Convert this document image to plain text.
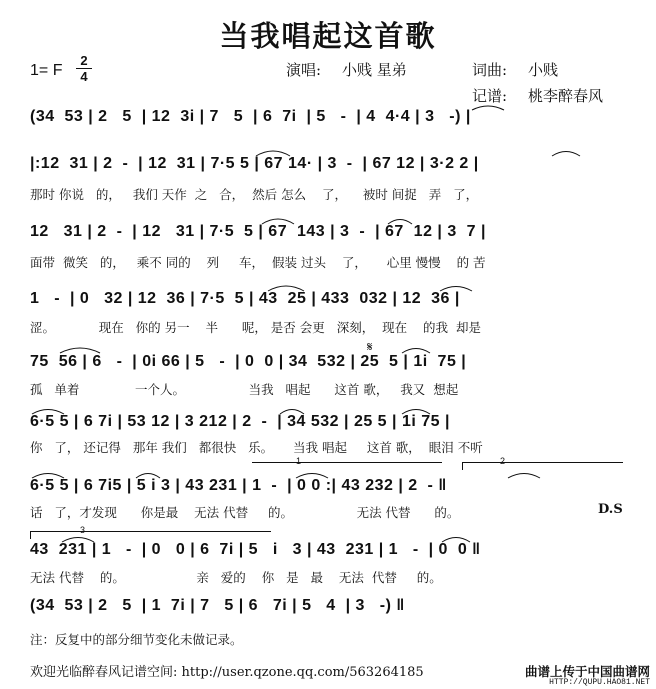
当我唱起这首歌
1= F
2
4	演唱: 小贱 星弟	词曲: 小贱
记谱: 桃李醉春风
(34  53 | 2   5  | 12  3i | 7   5  | 6  7i  | 5   -  | 4  4·4 | 3   -) |
|:12  31 | 2  -  | 12  31 | 7·5 5 | 67 14· | 3  -  | 67 12 | 3·2 2 |
那时 你说   的，   我们 天作  之   合，  然后 怎么    了，    被时 间捉   弄   了，
12   31 | 2  -  | 12   31 | 7·5  5 | 67  143 | 3  -  | 67  12 | 3  7 |
面带  微笑   的，   乘不 同的    列     车，  假装 过头    了，     心里 慢慢    的 苦
1   -  | 0   32 | 12  36 | 7·5  5 | 43  25 | 433  032 | 12  36 |
涩。           现在   你的 另一    半      呢， 是否 会更   深刻，  现在    的我  却是
𝄋
75  56 | 6   -  | 0i 66 | 5   -  | 0  0 | 34  532 | 25  5 | 1i  75 |
孤   单着              一个人。                当我   唱起      这首 歌，   我又  想起
6·5 5 | 6 7i | 53 12 | 3 212 | 2  -  | 34 532 | 25 5 | 1i 75 |
你   了， 还记得   那年 我们   都很快   乐。     当我 唱起     这首 歌，  眼泪 不听
1	2
6·5 5 | 6 7i5 | 5 i 3 | 43 231 | 1  -  | 0 0 :| 43 232 | 2  - ‖
话   了，才发现      你是最    无法 代替     的。                无法 代替      的。	D.S
3
43  231 | 1   -  | 0   0 | 6  7i | 5   i   3 | 43  231 | 1   -  | 0  0 ‖
无法 代替    的。                  亲   爱的    你   是   最    无法  代替     的。
(34  53 | 2   5  | 1  7i | 7   5 | 6   7i | 5   4  | 3   -) ‖
注：反复中的部分细节变化未做记录。
欢迎光临醉春风记谱空间: http://user.qzone.qq.com/563264185	曲谱上传于中国曲谱网
HTTP://QUPU.HAO81.NET
